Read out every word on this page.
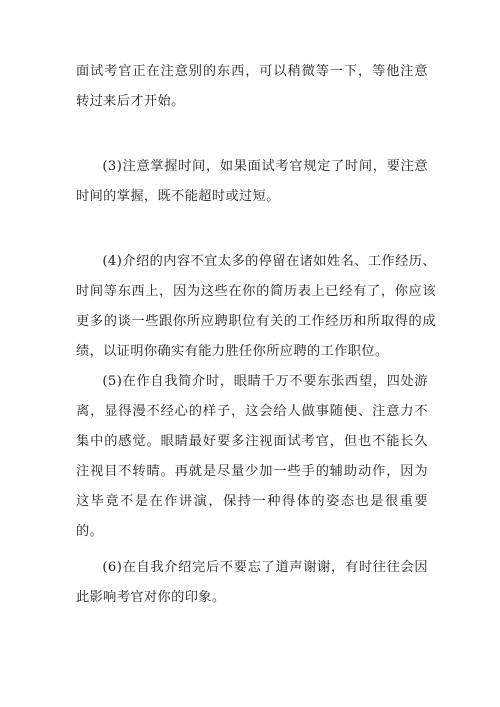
面试考官正在注意别的东西，可以稍微等一下，等他注意转过来后才开始。

(3)注意掌握时间，如果面试考官规定了时间，要注意时间的掌握，既不能超时或过短。

(4)介绍的内容不宜太多的停留在诸如姓名、工作经历、时间等东西上，因为这些在你的简历表上已经有了，你应该更多的谈一些跟你所应聘职位有关的工作经历和所取得的成绩，以证明你确实有能力胜任你所应聘的工作职位。

(5)在作自我简介时，眼睛千万不要东张西望，四处游离，显得漫不经心的样子，这会给人做事随便、注意力不集中的感觉。眼睛最好要多注视面试考官，但也不能长久注视目不转睛。再就是尽量少加一些手的辅助动作，因为这毕竟不是在作讲演，保持一种得体的姿态也是很重要的。

(6)在自我介绍完后不要忘了道声谢谢，有时往往会因此影响考官对你的印象。
